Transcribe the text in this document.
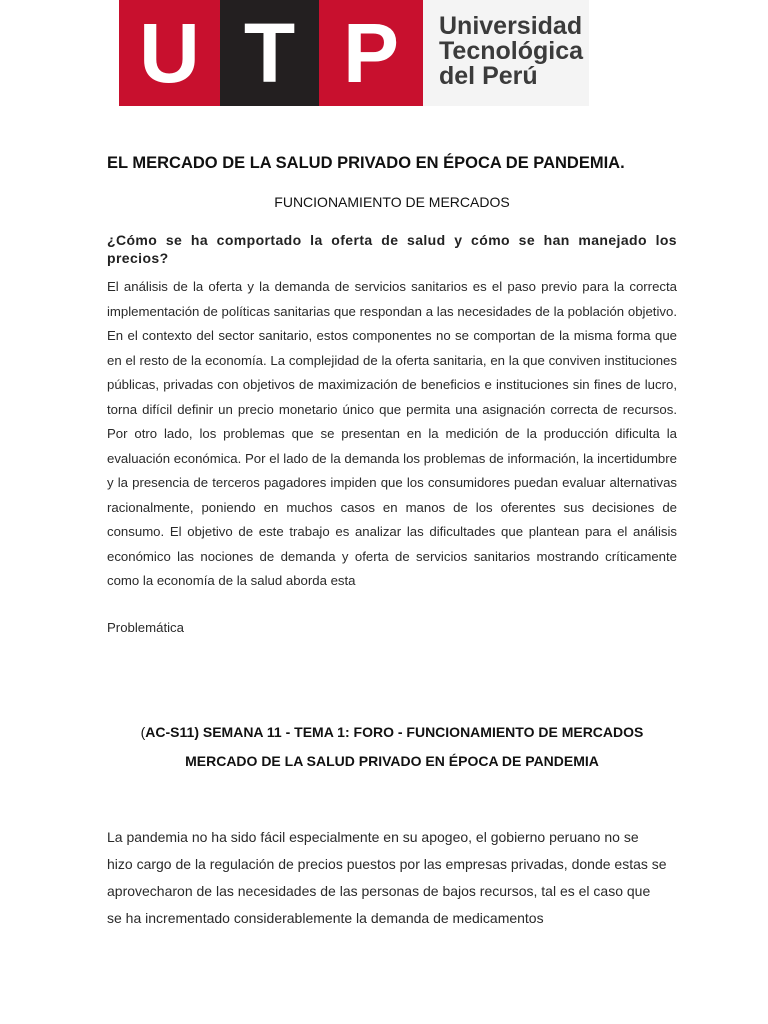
U T P	Universidad
Tecnológica
del Perú
EL MERCADO DE LA SALUD PRIVADO EN ÉPOCA DE PANDEMIA.
FUNCIONAMIENTO DE MERCADOS
¿Cómo se ha comportado la oferta de salud y cómo se han manejado los precios?
El análisis de la oferta y la demanda de servicios sanitarios es el paso previo para la correcta implementación de políticas sanitarias que respondan a las necesidades de la población objetivo. En el contexto del sector sanitario, estos componentes no se comportan de la misma forma que en el resto de la economía. La complejidad de la oferta sanitaria, en la que conviven instituciones públicas, privadas con objetivos de maximización de beneficios e instituciones sin fines de lucro, torna difícil definir un precio monetario único que permita una asignación correcta de recursos. Por otro lado, los problemas que se presentan en la medición de la producción dificulta la evaluación económica. Por el lado de la demanda los problemas de información, la incertidumbre y la presencia de terceros pagadores impiden que los consumidores puedan evaluar alternativas racionalmente, poniendo en muchos casos en manos de los oferentes sus decisiones de consumo. El objetivo de este trabajo es analizar las dificultades que plantean para el análisis económico las nociones de demanda y oferta de servicios sanitarios mostrando críticamente como la economía de la salud aborda esta
Problemática
(AC-S11) SEMANA 11 - TEMA 1: FORO - FUNCIONAMIENTO DE MERCADOS
MERCADO DE LA SALUD PRIVADO EN ÉPOCA DE PANDEMIA
La pandemia no ha sido fácil especialmente en su apogeo, el gobierno peruano no se hizo cargo de la regulación de precios puestos por las empresas privadas, donde estas se aprovecharon de las necesidades de las personas de bajos recursos, tal es el caso que se ha incrementado considerablemente la demanda de medicamentos
